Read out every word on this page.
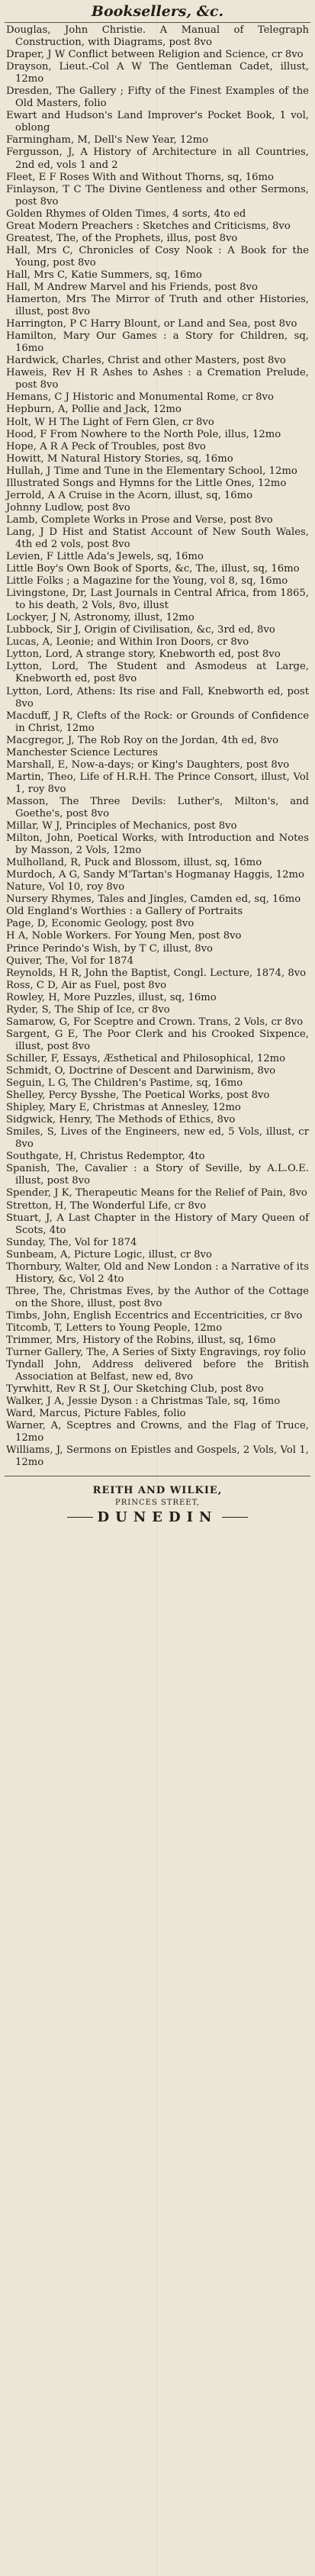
Booksellers, &c.

Douglas, John Christie. A Manual of Telegraph Construction, with Diagrams, post 8vo

Draper, J W Conflict between Religion and Science, cr 8vo

Drayson, Lieut.-Col A W The Gentleman Cadet, illust, 12mo

Dresden, The Gallery ; Fifty of the Finest Examples of the Old Masters, folio

Ewart and Hudson's Land Improver's Pocket Book, 1 vol, oblong

Farmingham, M, Dell's New Year, 12mo

Fergusson, J, A History of Architecture in all Countries, 2nd ed, vols 1 and 2

Fleet, E F Roses With and Without Thorns, sq, 16mo

Finlayson, T C The Divine Gentleness and other Sermons, post 8vo

Golden Rhymes of Olden Times, 4 sorts, 4to ed

Great Modern Preachers : Sketches and Criticisms, 8vo

Greatest, The, of the Prophets, illus, post 8vo

Hall, Mrs C, Chronicles of Cosy Nook : A Book for the Young, post 8vo

Hall, Mrs C, Katie Summers, sq, 16mo

Hall, M Andrew Marvel and his Friends, post 8vo

Hamerton, Mrs The Mirror of Truth and other Histories, illust, post 8vo

Harrington, P C Harry Blount, or Land and Sea, post 8vo

Hamilton, Mary Our Games : a Story for Children, sq, 16mo

Hardwick, Charles, Christ and other Masters, post 8vo

Haweis, Rev H R Ashes to Ashes : a Cremation Prelude, post 8vo

Hemans, C J Historic and Monumental Rome, cr 8vo

Hepburn, A, Pollie and Jack, 12mo

Holt, W H The Light of Fern Glen, cr 8vo

Hood, F From Nowhere to the North Pole, illus, 12mo

Hope, A R A Peck of Troubles, post 8vo

Howitt, M Natural History Stories, sq, 16mo

Hullah, J Time and Tune in the Elementary School, 12mo

Illustrated Songs and Hymns for the Little Ones, 12mo

Jerrold, A A Cruise in the Acorn, illust, sq, 16mo

Johnny Ludlow, post 8vo

Lamb, Complete Works in Prose and Verse, post 8vo

Lang, J D Hist and Statist Account of New South Wales, 4th ed 2 vols, post 8vo

Levien, F Little Ada's Jewels, sq, 16mo

Little Boy's Own Book of Sports, &c, The, illust, sq, 16mo

Little Folks ; a Magazine for the Young, vol 8, sq, 16mo

Livingstone, Dr, Last Journals in Central Africa, from 1865, to his death, 2 Vols, 8vo, illust

Lockyer, J N, Astronomy, illust, 12mo

Lubbock, Sir J, Origin of Civilisation, &c, 3rd ed, 8vo

Lucas, A, Leonie; and Within Iron Doors, cr 8vo

Lytton, Lord, A strange story, Knebworth ed, post 8vo

Lytton, Lord, The Student and Asmodeus at Large, Knebworth ed, post 8vo

Lytton, Lord, Athens: Its rise and Fall, Knebworth ed, post 8vo

Macduff, J R, Clefts of the Rock: or Grounds of Confidence in Christ, 12mo

Macgregor, J, The Rob Roy on the Jordan, 4th ed, 8vo

Manchester Science Lectures

Marshall, E, Now-a-days; or King's Daughters, post 8vo

Martin, Theo, Life of H.R.H. The Prince Consort, illust, Vol 1, roy 8vo

Masson, The Three Devils: Luther's, Milton's, and Goethe's, post 8vo

Millar, W J, Principles of Mechanics, post 8vo

Milton, John, Poetical Works, with Introduction and Notes by Masson, 2 Vols, 12mo

Mulholland, R, Puck and Blossom, illust, sq, 16mo

Murdoch, A G, Sandy M'Tartan's Hogmanay Haggis, 12mo

Nature, Vol 10, roy 8vo

Nursery Rhymes, Tales and Jingles, Camden ed, sq, 16mo

Old England's Worthies : a Gallery of Portraits

Page, D, Economic Geology, post 8vo

H A, Noble Workers. For Young Men, post 8vo

Prince Perindo's Wish, by T C, illust, 8vo

Quiver, The, Vol for 1874

Reynolds, H R, John the Baptist, Congl. Lecture, 1874, 8vo

Ross, C D, Air as Fuel, post 8vo

Rowley, H, More Puzzles, illust, sq, 16mo

Ryder, S, The Ship of Ice, cr 8vo

Samarow, G, For Sceptre and Crown. Trans, 2 Vols, cr 8vo

Sargent, G E, The Poor Clerk and his Crooked Sixpence, illust, post 8vo

Schiller, F, Essays, Æsthetical and Philosophical, 12mo

Schmidt, O, Doctrine of Descent and Darwinism, 8vo

Seguin, L G, The Children's Pastime, sq, 16mo

Shelley, Percy Bysshe, The Poetical Works, post 8vo

Shipley, Mary E, Christmas at Annesley, 12mo

Sidgwick, Henry, The Methods of Ethics, 8vo

Smiles, S, Lives of the Engineers, new ed, 5 Vols, illust, cr 8vo

Southgate, H, Christus Redemptor, 4to

Spanish, The, Cavalier : a Story of Seville, by A.L.O.E. illust, post 8vo

Spender, J K, Therapeutic Means for the Relief of Pain, 8vo

Stretton, H, The Wonderful Life, cr 8vo

Stuart, J, A Last Chapter in the History of Mary Queen of Scots, 4to

Sunday, The, Vol for 1874

Sunbeam, A, Picture Logic, illust, cr 8vo

Thornbury, Walter, Old and New London : a Narrative of its History, &c, Vol 2 4to

Three, The, Christmas Eves, by the Author of the Cottage on the Shore, illust, post 8vo

Timbs, John, English Eccentrics and Eccentricities, cr 8vo

Titcomb, T, Letters to Young People, 12mo

Trimmer, Mrs, History of the Robins, illust, sq, 16mo

Turner Gallery, The, A Series of Sixty Engravings, roy folio

Tyndall John, Address delivered before the British Association at Belfast, new ed, 8vo

Tyrwhitt, Rev R St J, Our Sketching Club, post 8vo

Walker, J A, Jessie Dyson : a Christmas Tale, sq, 16mo

Ward, Marcus, Picture Fables, folio

Warner, A, Sceptres and Crowns, and the Flag of Truce, 12mo

Williams, J, Sermons on Epistles and Gospels, 2 Vols, Vol 1, 12mo

REITH AND WILKIE,
PRINCES STREET,
DUNEDIN
